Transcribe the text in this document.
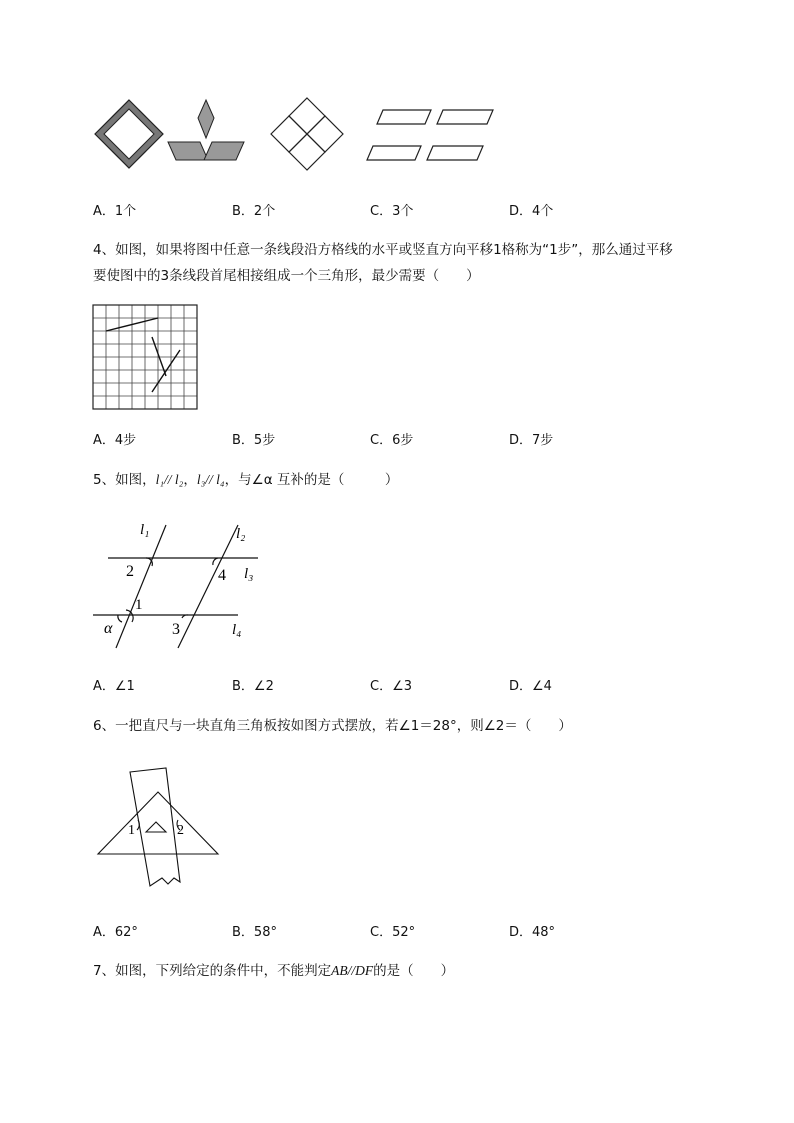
A．1个	B．2个	C．3个	D．4个
4、如图，如果将图中任意一条线段沿方格线的水平或竖直方向平移1格称为“1步”，那么通过平移
要使图中的3条线段首尾相接组成一个三角形，最少需要（　　）
A．4步	B．5步	C．6步	D．7步
5、如图，l₁// l₂，l₃// l₄，与∠α 互补的是（　　　）
l₁	l₂
l₃
l₄
2	4
1
3
α
A．∠1	B．∠2	C．∠3	D．∠4
6、一把直尺与一块直角三角板按如图方式摆放，若∠1＝28°，则∠2＝（　　）
1	2
A．62°	B．58°	C．52°	D．48°
7、如图，下列给定的条件中，不能判定AB//DF的是（　　）
